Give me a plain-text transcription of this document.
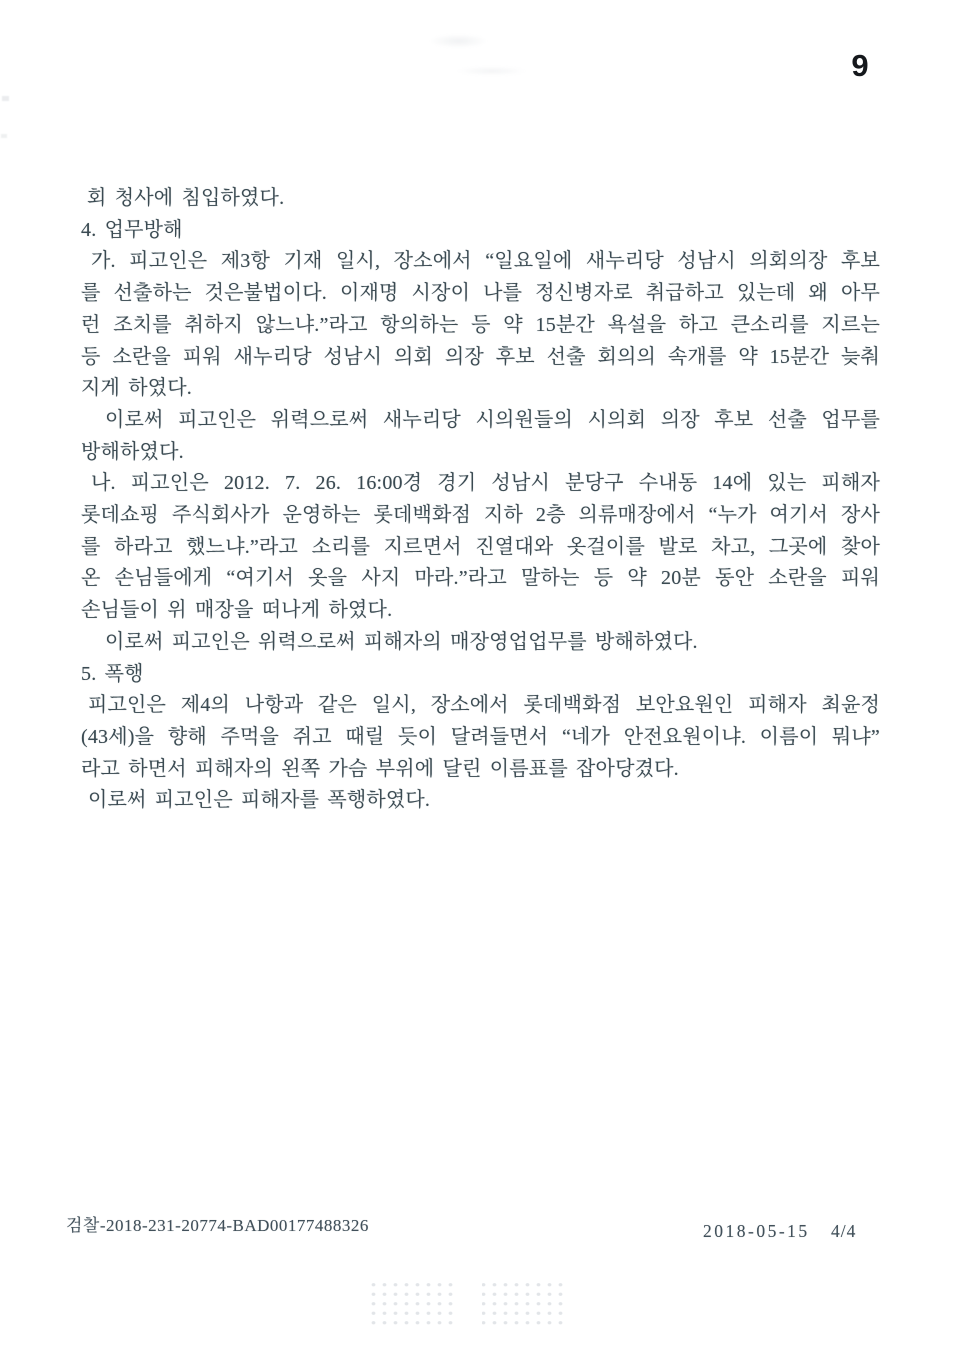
9
회 청사에 침입하였다.
4. 업무방해
가. 피고인은 제3항 기재 일시, 장소에서 “일요일에 새누리당 성남시 의회의장 후보
를 선출하는 것은불법이다. 이재명 시장이 나를 정신병자로 취급하고 있는데 왜 아무
런 조치를 취하지 않느냐.”라고 항의하는 등 약 15분간 욕설을 하고 큰소리를 지르는
등 소란을 피워 새누리당 성남시 의회 의장 후보 선출 회의의 속개를 약 15분간 늦춰
지게 하였다.
이로써 피고인은 위력으로써 새누리당 시의원들의 시의회 의장 후보 선출 업무를
방해하였다.
나. 피고인은 2012. 7. 26. 16:00경 경기 성남시 분당구 수내동 14에 있는 피해자
롯데쇼핑 주식회사가 운영하는 롯데백화점 지하 2층 의류매장에서 “누가 여기서 장사
를 하라고 했느냐.”라고 소리를 지르면서 진열대와 옷걸이를 발로 차고, 그곳에 찾아
온 손님들에게 “여기서 옷을 사지 마라.”라고 말하는 등 약 20분 동안 소란을 피워
손님들이 위 매장을 떠나게 하였다.
이로써 피고인은 위력으로써 피해자의 매장영업업무를 방해하였다.
5. 폭행
피고인은 제4의 나항과 같은 일시, 장소에서 롯데백화점 보안요원인 피해자 최윤정
(43세)을 향해 주먹을 쥐고 때릴 듯이 달려들면서 “네가 안전요원이냐. 이름이 뭐냐”
라고 하면서 피해자의 왼쪽 가슴 부위에 달린 이름표를 잡아당겼다.
이로써 피고인은 피해자를 폭행하였다.
검찰-2018-231-20774-BAD00177488326	2018-05-15 4/4
